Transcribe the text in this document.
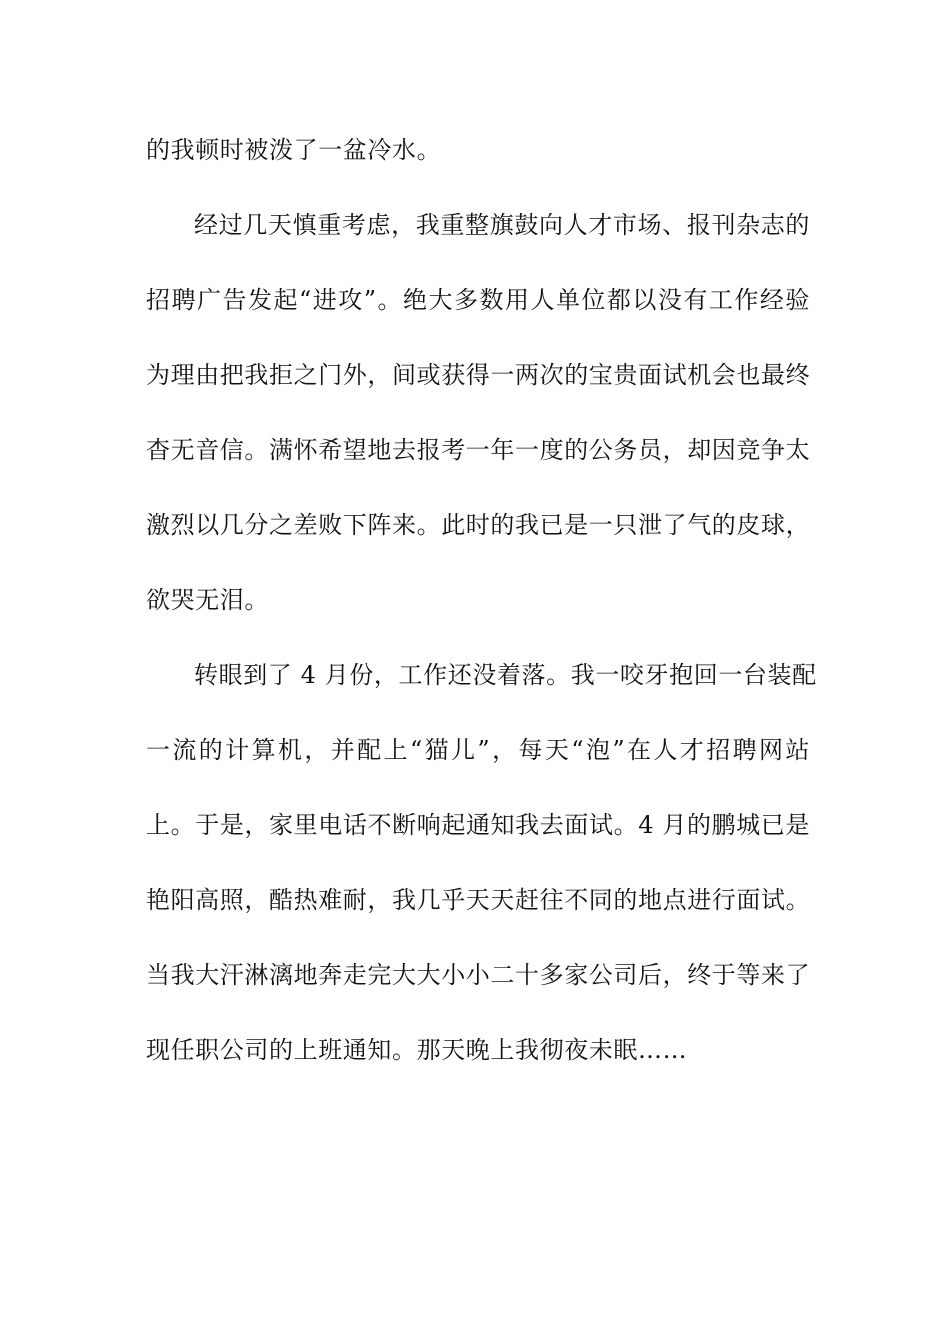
的我顿时被泼了一盆冷水。
经过几天慎重考虑，我重整旗鼓向人才市场、报刊杂志的
招聘广告发起“进攻”。绝大多数用人单位都以没有工作经验
为理由把我拒之门外，间或获得一两次的宝贵面试机会也最终
杳无音信。满怀希望地去报考一年一度的公务员，却因竞争太
激烈以几分之差败下阵来。此时的我已是一只泄了气的皮球，
欲哭无泪。
转眼到了 4 月份，工作还没着落。我一咬牙抱回一台装配
一流的计算机，并配上“猫儿”，每天“泡”在人才招聘网站
上。于是，家里电话不断响起通知我去面试。4 月的鹏城已是
艳阳高照，酷热难耐，我几乎天天赶往不同的地点进行面试。
当我大汗淋漓地奔走完大大小小二十多家公司后，终于等来了
现任职公司的上班通知。那天晚上我彻夜未眠……
